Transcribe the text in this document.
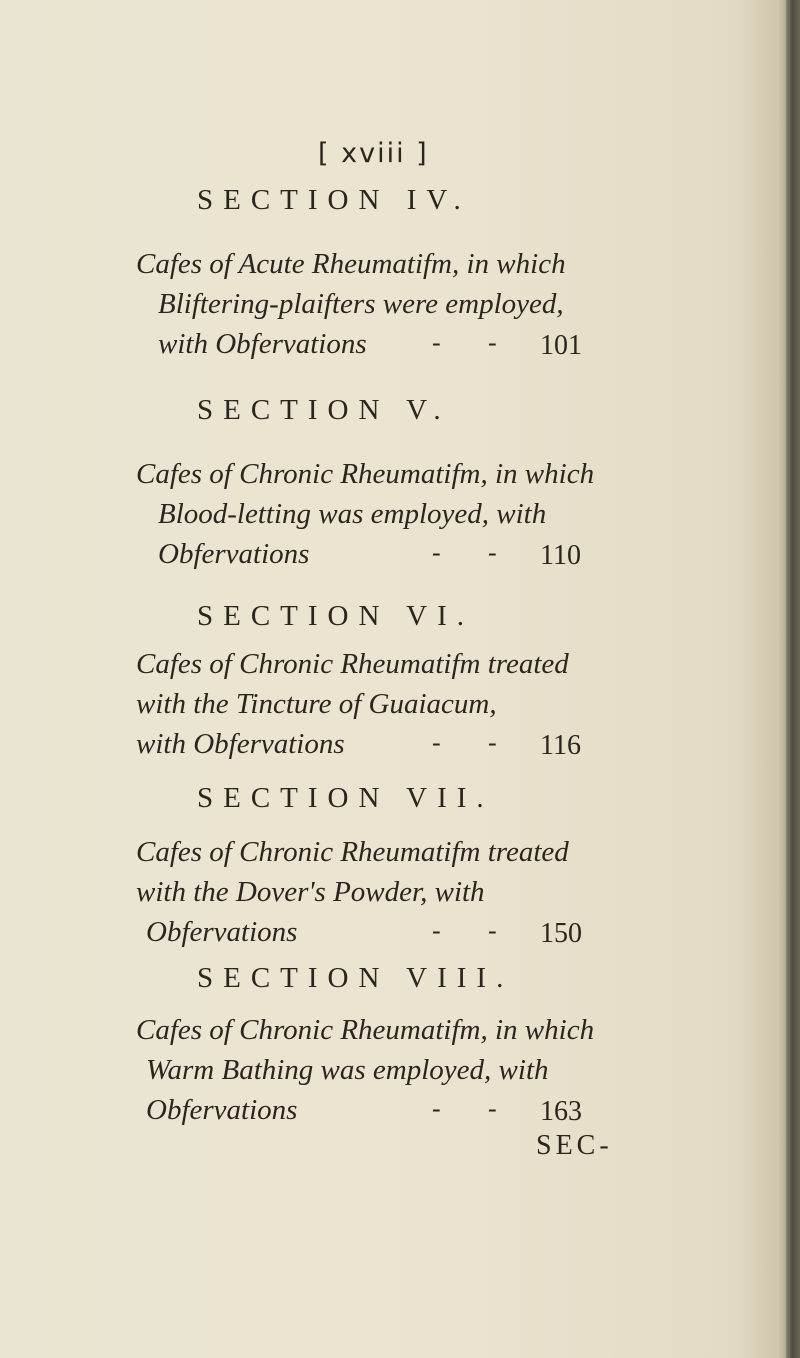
[ xviii ]
SECTION IV.
Cafes of Acute Rheumatifm, in which
Bliftering-plaifters were employed,
with Obfervations	- - 101
SECTION V.
Cafes of Chronic Rheumatifm, in which
Blood-letting was employed, with
Obfervations	- - 110
SECTION VI.
Cafes of Chronic Rheumatifm treated
with the Tincture of Guaiacum,
with Obfervations	- - 116
SECTION VII.
Cafes of Chronic Rheumatifm treated
with the Dover's Powder, with
Obfervations	- - 150
SECTION VIII.
Cafes of Chronic Rheumatifm, in which
Warm Bathing was employed, with
Obfervations	- - 163
SEC-
